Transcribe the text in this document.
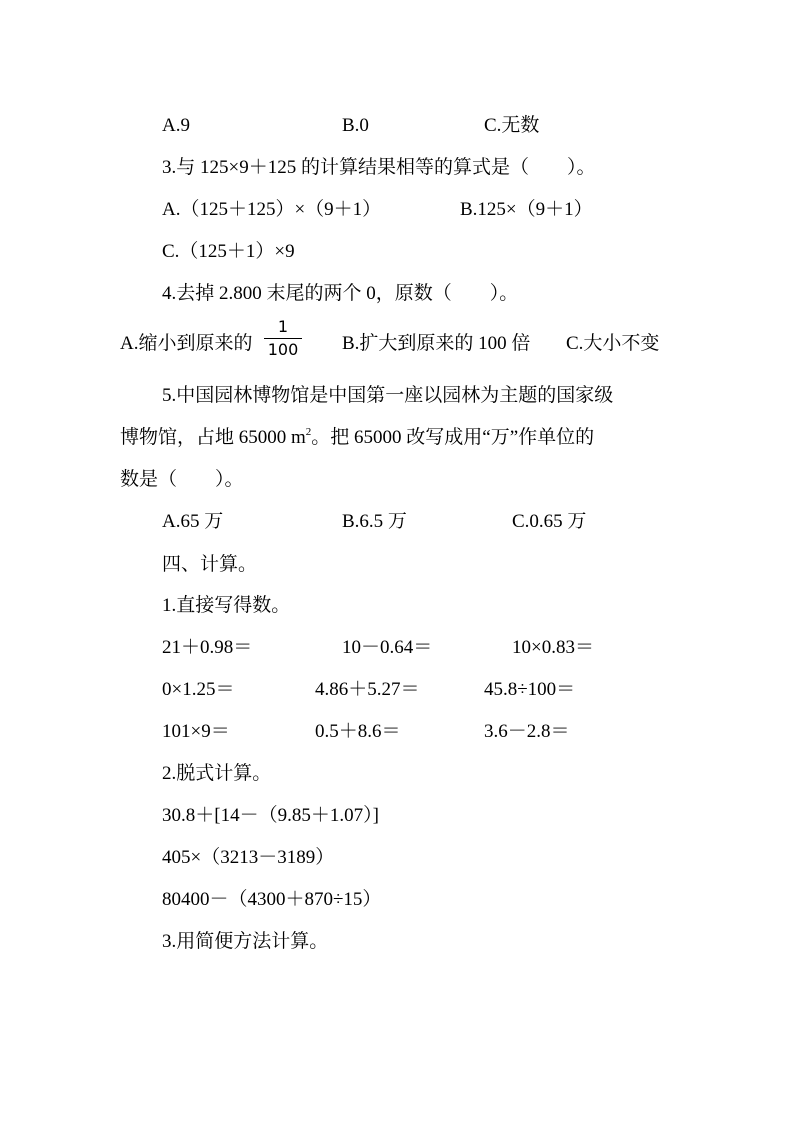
A.9	B.0	C.无数
3.与 125×9＋125 的计算结果相等的算式是（　　）。
A.（125＋125）×（9＋1）	B.125×（9＋1）
C.（125＋1）×9
4.去掉 2.800 末尾的两个 0，原数（　　）。
A.缩小到原来的
1
100 B.扩大到原来的 100 倍 C.大小不变
5.中国园林博物馆是中国第一座以园林为主题的国家级
博物馆，占地 65000 $m^2$。把 65000 改写成用“万”作单位的
数是（　　）。
A.65 万	B.6.5 万	C.0.65 万
四、计算。
1.直接写得数。
21＋0.98＝	10－0.64＝	10×0.83＝
0×1.25＝	4.86＋5.27＝	45.8÷100＝
101×9＝	0.5＋8.6＝	3.6－2.8＝
2.脱式计算。
30.8＋[14－（9.85＋1.07）]
405×（3213－3189）
80400－（4300＋870÷15）
3.用简便方法计算。
